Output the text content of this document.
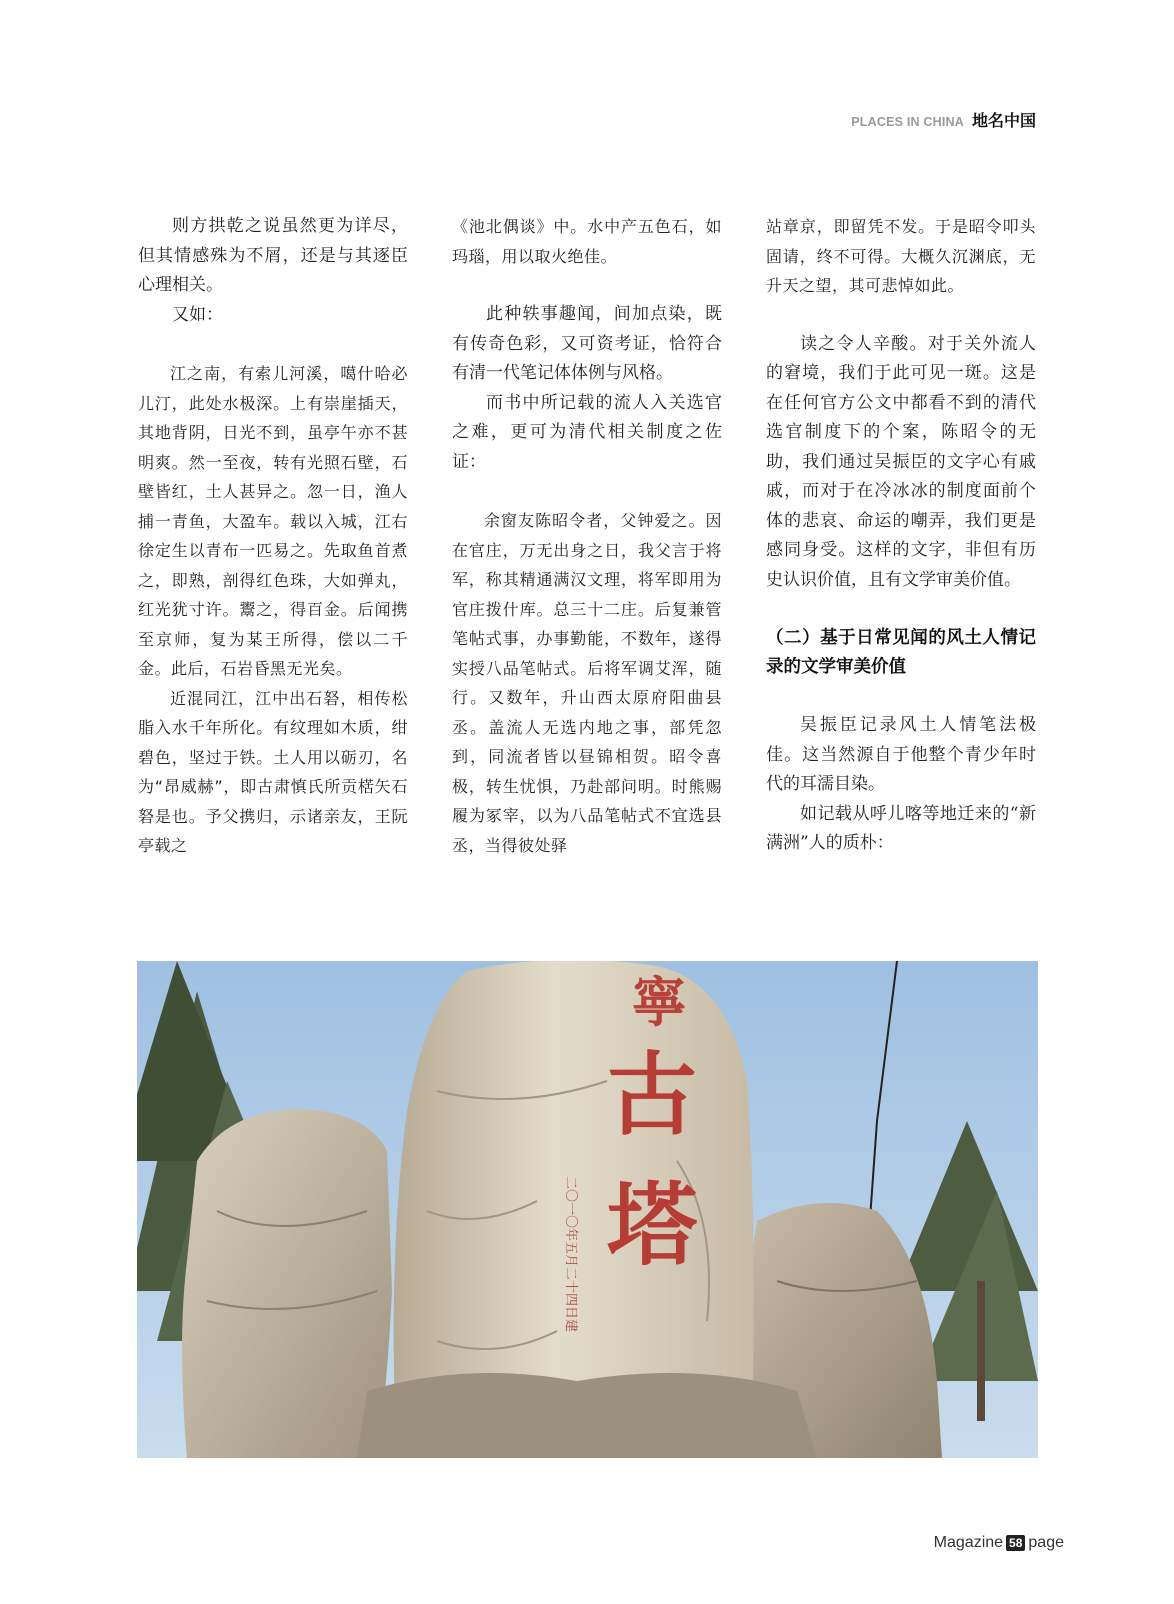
PLACES IN CHINA 地名中国

则方拱乾之说虽然更为详尽，但其情感殊为不屑，还是与其逐臣心理相关。

又如：

江之南，有索儿河溪，噶什哈必儿汀，此处水极深。上有崇崖插天，其地背阴，日光不到，虽亭午亦不甚明爽。然一至夜，转有光照石壁，石壁皆红，土人甚异之。忽一日，渔人捕一青鱼，大盈车。载以入城，江右徐定生以青布一匹易之。先取鱼首煮之，即熟，剖得红色珠，大如弹丸，红光犹寸许。鬻之，得百金。后闻携至京师，复为某王所得，偿以二千金。此后，石岩昏黑无光矣。

近混同江，江中出石砮，相传松脂入水千年所化。有纹理如木质，绀碧色，坚过于铁。土人用以砺刃，名为“昂威赫”，即古肃慎氏所贡楛矢石砮是也。予父携归，示诸亲友，王阮亭载之

《池北偶谈》中。水中产五色石，如玛瑙，用以取火绝佳。

此种轶事趣闻，间加点染，既有传奇色彩，又可资考证，恰符合有清一代笔记体体例与风格。

而书中所记载的流人入关选官之难，更可为清代相关制度之佐证：

余窗友陈昭令者，父钟爱之。因在官庄，万无出身之日，我父言于将军，称其精通满汉文理，将军即用为官庄拨什库。总三十二庄。后复兼管笔帖式事，办事勤能，不数年，遂得实授八品笔帖式。后将军调艾浑，随行。又数年，升山西太原府阳曲县丞。盖流人无选内地之事，部凭忽到，同流者皆以昼锦相贺。昭令喜极，转生忧惧，乃赴部问明。时熊赐履为冢宰，以为八品笔帖式不宜选县丞，当得彼处驿

站章京，即留凭不发。于是昭令叩头固请，终不可得。大概久沉渊底，无升天之望，其可悲悼如此。

读之令人辛酸。对于关外流人的窘境，我们于此可见一斑。这是在任何官方公文中都看不到的清代选官制度下的个案，陈昭令的无助，我们通过吴振臣的文字心有戚戚，而对于在冷冰冰的制度面前个体的悲哀、命运的嘲弄，我们更是感同身受。这样的文字，非但有历史认识价值，且有文学审美价值。

（二）基于日常见闻的风土人情记录的文学审美价值

吴振臣记录风土人情笔法极佳。这当然源自于他整个青少年时代的耳濡目染。

如记载从呼儿喀等地迁来的“新满洲”人的质朴：

寧
古
塔
二〇一〇年五月二十四日建
Magazine 58 page
